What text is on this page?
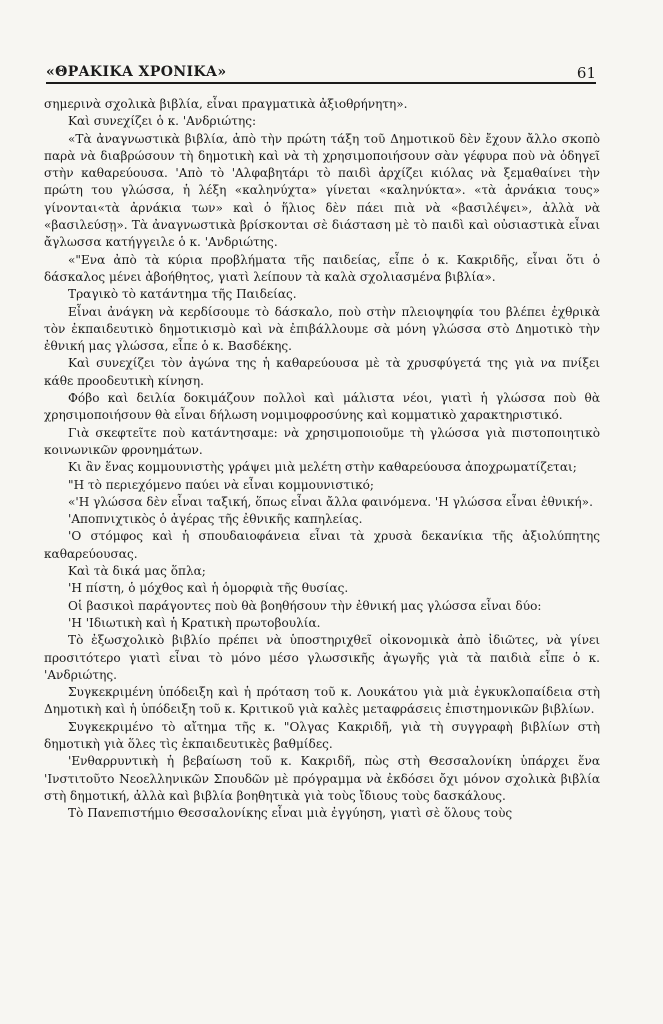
«ΘΡΑΚΙΚΑ ΧΡΟΝΙΚΑ»	61

σημερινὰ σχολικὰ βιβλία, εἶναι πραγματικὰ ἀξιοθρήνητη».

Καὶ συνεχίζει ὁ κ. 'Ανδριώτης:

«Τὰ ἀναγνωστικὰ βιβλία, ἀπὸ τὴν πρώτη τάξη τοῦ Δημοτικοῦ δὲν ἔχουν ἄλλο σκοπὸ παρὰ νὰ διαβρώσουν τὴ δημοτικὴ καὶ νὰ τὴ χρησιμοποιήσουν σὰν γέφυρα ποὺ νὰ ὁδηγεῖ στὴν καθαρεύουσα. 'Απὸ τὸ 'Αλφαβητάρι τὸ παιδὶ ἀρχίζει κιόλας νὰ ξεμαθαίνει τὴν πρώτη του γλώσσα, ἡ λέξη «καληνύχτα» γίνεται «καληνύκτα». «τὰ ἀρνάκια τους» γίνονται«τὰ ἀρνάκια των» καὶ ὁ ἥλιος δὲν πάει πιὰ νὰ «βασιλέψει», ἀλλὰ νὰ «βασιλεύσῃ». Τὰ ἀναγνωστικὰ βρίσκονται σὲ διάσταση μὲ τὸ παιδὶ καὶ οὐσιαστικὰ εἶναι ἄγλωσσα κατήγγειλε ὁ κ. 'Ανδριώτης.

«"Ενα ἀπὸ τὰ κύρια προβλήματα τῆς παιδείας, εἶπε ὁ κ. Κακριδῆς, εἶναι ὅτι ὁ δάσκαλος μένει ἀβοήθητος, γιατὶ λείπουν τὰ καλὰ σχολιασμένα βιβλία».

Τραγικὸ τὸ κατάντημα τῆς Παιδείας.

Εἶναι ἀνάγκη νὰ κερδίσουμε τὸ δάσκαλο, ποὺ στὴν πλειοψηφία του βλέπει ἐχθρικὰ τὸν ἐκπαιδευτικὸ δημοτικισμὸ καὶ νὰ ἐπιβάλλουμε σὰ μόνη γλώσσα στὸ Δημοτικὸ τὴν ἐθνική μας γλώσσα, εἶπε ὁ κ. Βασδέκης.

Καὶ συνεχίζει τὸν ἀγώνα της ἡ καθαρεύουσα μὲ τὰ χρυσφύγετά της γιὰ να πνίξει κάθε προοδευτικὴ κίνηση.

Φόβο καὶ δειλία δοκιμάζουν πολλοὶ καὶ μάλιστα νέοι, γιατὶ ἡ γλώσσα ποὺ θὰ χρησιμοποιήσουν θὰ εἶναι δήλωση νομιμοφροσύνης καὶ κομματικὸ χαρακτηριστικό.

Γιὰ σκεφτεῖτε ποὺ κατάντησαμε: νὰ χρησιμοποιοῦμε τὴ γλώσσα γιὰ πιστοποιητικὸ κοινωνικῶν φρονημάτων.

Κι ἂν ἕνας κομμουνιστὴς γράψει μιὰ μελέτη στὴν καθαρεύουσα ἀποχρωματίζεται;

"Η τὸ περιεχόμενο παύει νὰ εἶναι κομμουνιστικό;

«'Η γλώσσα δὲν εἶναι ταξική, ὅπως εἶναι ἄλλα φαινόμενα. 'Η γλώσσα εἶναι ἐθνική».

'Αποπνιχτικὸς ὁ ἀγέρας τῆς ἐθνικῆς καπηλείας.

'Ο στόμφος καὶ ἡ σπουδαιοφάνεια εἶναι τὰ χρυσὰ δεκανίκια τῆς ἀξιολύπητης καθαρεύουσας.

Καὶ τὰ δικά μας ὅπλα;

'Η πίστη, ὁ μόχθος καὶ ἡ ὁμορφιὰ τῆς θυσίας.

Οἱ βασικοὶ παράγοντες ποὺ θὰ βοηθήσουν τὴν ἐθνική μας γλώσσα εἶναι δύο:

'Η 'Ιδιωτικὴ καὶ ἡ Κρατικὴ πρωτοβουλία.

Τὸ ἐξωσχολικὸ βιβλίο πρέπει νὰ ὑποστηριχθεῖ οἰκονομικὰ ἀπὸ ἰδιῶτες, νὰ γίνει προσιτότερο γιατὶ εἶναι τὸ μόνο μέσο γλωσσικῆς ἀγωγῆς γιὰ τὰ παιδιὰ εἶπε ὁ κ. 'Ανδριώτης.

Συγκεκριμένη ὑπόδειξη καὶ ἡ πρόταση τοῦ κ. Λουκάτου γιὰ μιὰ ἐγκυκλοπαίδεια στὴ Δημοτικὴ καὶ ἡ ὑπόδειξη τοῦ κ. Κριτικοῦ γιὰ καλὲς μεταφράσεις ἐπιστημονικῶν βιβλίων.

Συγκεκριμένο τὸ αἴτημα τῆς κ. "Ολγας Κακριδῆ, γιὰ τὴ συγγραφὴ βιβλίων στὴ δημοτικὴ γιὰ ὅλες τὶς ἐκπαιδευτικὲς βαθμίδες.

'Ενθαρρυντικὴ ἡ βεβαίωση τοῦ κ. Κακριδῆ, πὼς στὴ Θεσσαλονίκη ὑπάρχει ἕνα 'Ινστιτοῦτο Νεοελληνικῶν Σπουδῶν μὲ πρόγραμμα νὰ ἐκδόσει ὄχι μόνον σχολικὰ βιβλία στὴ δημοτική, ἀλλὰ καὶ βιβλία βοηθητικὰ γιὰ τοὺς ἴδιους τοὺς δασκάλους.

Τὸ Πανεπιστήμιο Θεσσαλονίκης εἶναι μιὰ ἐγγύηση, γιατὶ σὲ ὅλους τοὺς
